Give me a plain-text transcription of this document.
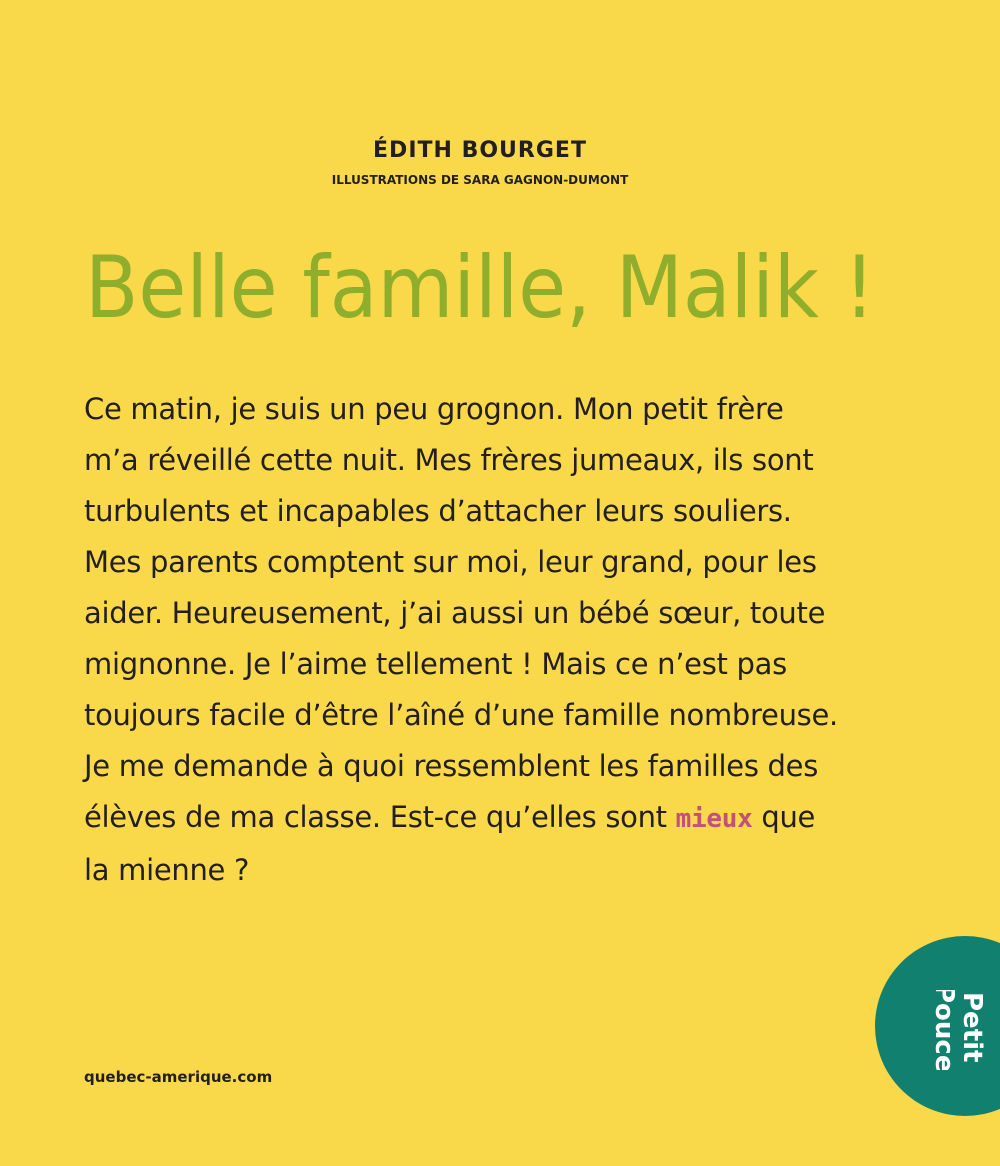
ÉDITH BOURGET
ILLUSTRATIONS DE SARA GAGNON-DUMONT
Belle famille, Malik !
Ce matin, je suis un peu grognon. Mon petit frère
m’a réveillé cette nuit. Mes frères jumeaux, ils sont
turbulents et incapables d’attacher leurs souliers.
Mes parents comptent sur moi, leur grand, pour les
aider. Heureusement, j’ai aussi un bébé sœur, toute
mignonne. Je l’aime tellement ! Mais ce n’est pas
toujours facile d’être l’aîné d’une famille nombreuse.
Je me demande à quoi ressemblent les familles des
élèves de ma classe. Est-ce qu’elles sont mieux que
la mienne ?
quebec-amerique.com
Petit
Poucet
